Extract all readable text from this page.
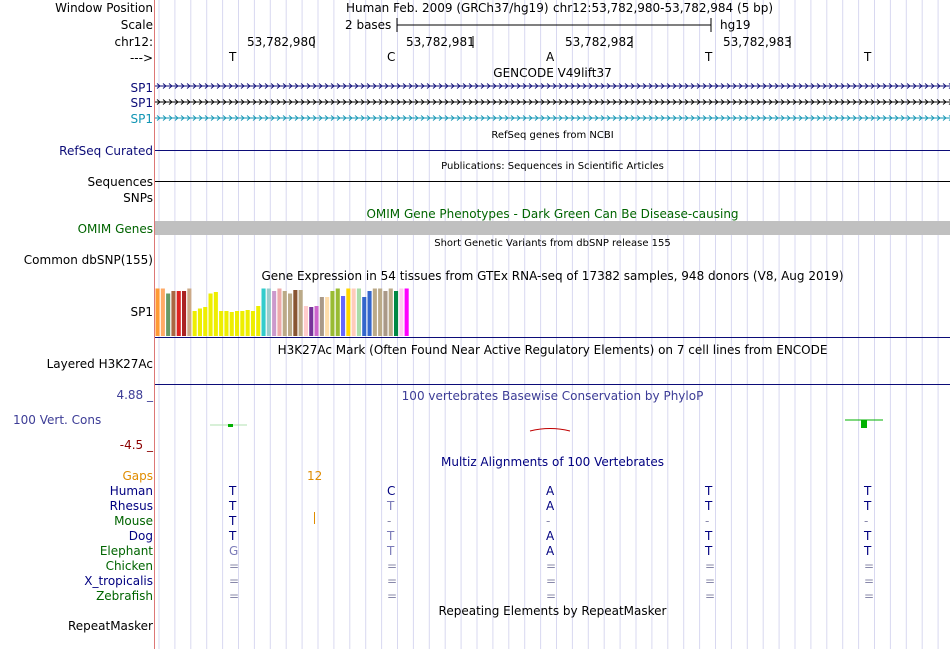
Window Position
Scale
chr12:
--->
Human Feb. 2009 (GRCh37/hg19) chr12:53,782,980-53,782,984 (5 bp)
2 bases	hg19
53,782,980	53,782,981	53,782,982	53,782,983
T	C	A	T	T
GENCODE V49lift37
SP1
SP1
SP1
RefSeq genes from NCBI
RefSeq Curated
Publications: Sequences in Scientific Articles
Sequences
SNPs
OMIM Gene Phenotypes - Dark Green Can Be Disease-causing
OMIM Genes
Short Genetic Variants from dbSNP release 155
Common dbSNP(155)
Gene Expression in 54 tissues from GTEx RNA-seq of 17382 samples, 948 donors (V8, Aug 2019)
SP1
H3K27Ac Mark (Often Found Near Active Regulatory Elements) on 7 cell lines from ENCODE
Layered H3K27Ac
4.88 _	100 vertebrates Basewise Conservation by PhyloP
100 Vert. Cons
-4.5 _
Multiz Alignments of 100 Vertebrates
Gaps	12
Human	T	C	A	T	T
Rhesus	T	T	A	T	T
Mouse	T	-	-	-	-
Dog	T	T	A	T	T
Elephant	G	T	A	T	T
Chicken	=	=	=	=	=
X_tropicalis	=	=	=	=	=
Zebrafish	=	=	=	=	=
Repeating Elements by RepeatMasker
RepeatMasker
